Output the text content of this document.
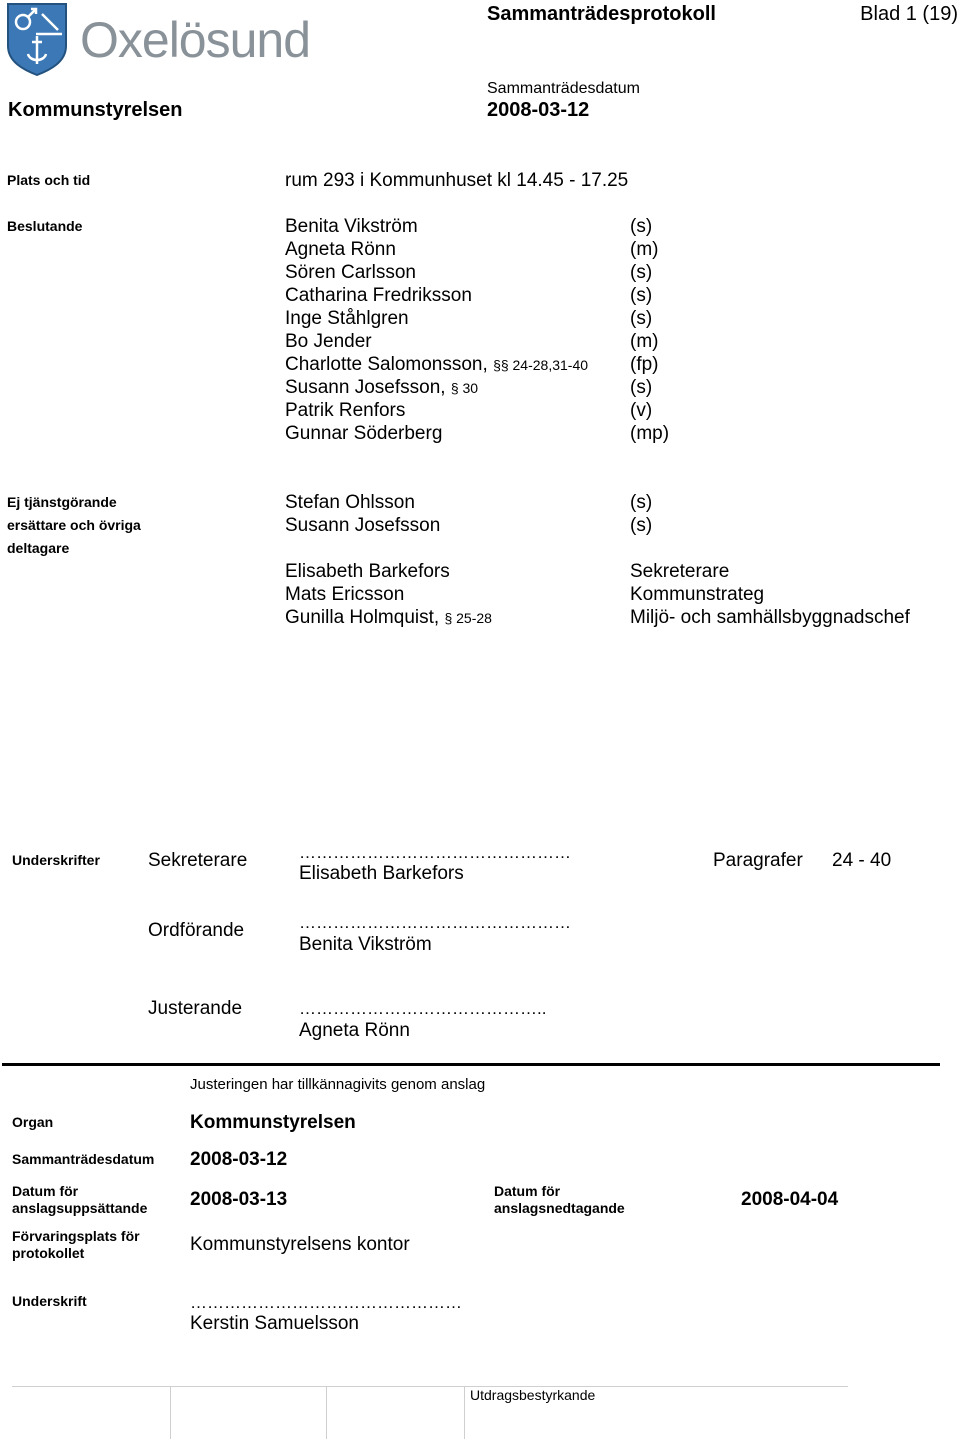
Oxelösund	Sammanträdesprotokoll	Blad 1 (19)
Kommunstyrelsen
Sammanträdesdatum
2008-03-12
Plats och tid	rum 293 i Kommunhuset kl 14.45 - 17.25
Beslutande	Benita Vikström	(s)
Agneta Rönn	(m)
Sören Carlsson	(s)
Catharina Fredriksson	(s)
Inge Ståhlgren	(s)
Bo Jender	(m)
Charlotte Salomonsson, §§ 24-28,31-40 (fp)
Susann Josefsson, § 30	(s)
Patrik Renfors	(v)
Gunnar Söderberg	(mp)
Ej tjänstgörande
ersättare och övriga
deltagare
Stefan Ohlsson	(s)
Susann Josefsson	(s)
Elisabeth Barkefors	Sekreterare
Mats Ericsson	Kommunstrateg
Gunilla Holmquist, § 25-28	Miljö- och samhällsbyggnadschef
Underskrifter	Sekreterare	…………………………………………
Elisabeth Barkefors
Paragrafer 24 - 40
Ordförande	…………………………………………
Benita Vikström
Justerande	……………………………………..
Agneta Rönn
Justeringen har tillkännagivits genom anslag
Organ	Kommunstyrelsen
Sammanträdesdatum 2008-03-12
Datum för
anslagsuppsättande 2008-03-13	Datum för
anslagsnedtagande	2008-04-04
Förvaringsplats för
protokollet	Kommunstyrelsens kontor
Underskrift	…………………………………………
Kerstin Samuelsson
Utdragsbestyrkande
